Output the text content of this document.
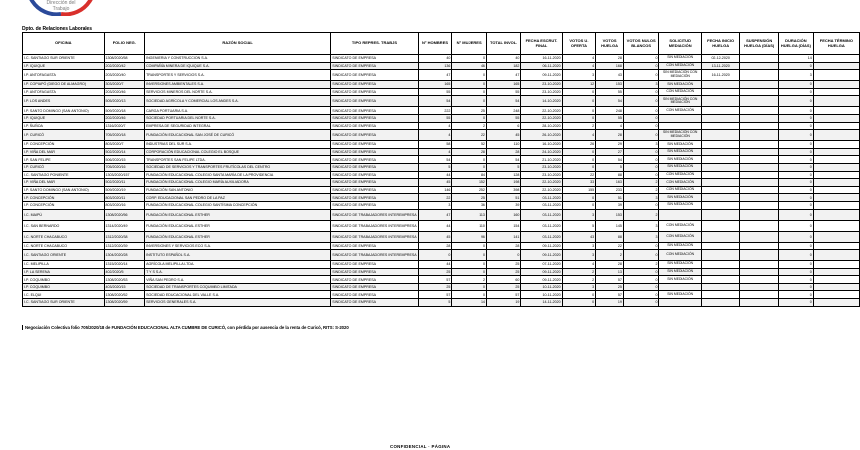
Dirección del
Trabajo
Dpto. de Relaciones Laborales
OFICINA	FOLIO NEG.	RAZÓN SOCIAL	TIPO REPRES. TRABJS	N° HOMBRES	N° MUJERES	TOTAL INVOL.	FECHA ESCRUT. FINAL	VOTOS U. OFERTA	VOTOS HUELGA	VOTOS NULOS BLANCOS	SOLICITUD MEDIACIÓN	FECHA INICIO HUELGA	SUSPENSIÓN HUELGA (DÍAS)	DURACIÓN HUELGA (DÍAS)	FECHA TÉRMINO HUELGA
I.C. SANTIAGO SUR ORIENTE	1308/2020/58	INGENIERIA Y CONSTRUCCION S.A.	SINDICATO DE EMPRESA	40	0	40	16-11-2020	4	28	0	SIN MEDIACIÓN	02-12-2020		14	
I.P. IQUIQUE	202/2020/42	COMPAÑÍA MINERA DE IQUIQUE S.A.	SINDICATO DE EMPRESA	136	46	182	06-11-2020	4	168	0	CON MEDIACIÓN	13-11-2020		0	
I.P. ANTOFAGASTA	203/2020/40	TRANSPORTES Y SERVICIOS S.A.	SINDICATO DE EMPRESA	47	0	47	09-11-2020	3	43	0	SIN MEDIACIÓN CON MEDIACIÓN	16-11-2020		3	
I.P. COPIAPÓ (DIEGO DE ALMAGRO)	303/2020/7	INVERSIONES AMBIENTALES S.A.	SINDICATO DE EMPRESA	165	0	165	23-10-2020	12	153	3	SIN MEDIACIÓN			0	
I.P. ANTOFAGASTA	203/2020/46	SERVICIOS MINEROS DEL NORTE S.A.	SINDICATO DE EMPRESA	55	0	55	23-10-2020	0	55	0	CON MEDIACIÓN			0	
I.P. LOS ANDES	505/2020/13	SOCIEDAD AGRÍCOLA Y COMERCIAL LOS ANDES S.A.	SINDICATO DE EMPRESA	54	0	54	14-10-2020	0	54	0	SIN MEDIACIÓN CON MEDIACIÓN			0	
I.P. SANTO DOMINGO (SAN ANTONIO)	509/2020/18	CARGA PORTUARIA S.A.	SINDICATO DE EMPRESA	222	25	248	22-10-2020	0	248	0	CON MEDIACIÓN			0	
I.P. IQUIQUE	202/2020/46	SOCIEDAD PORTUARIA DEL NORTE S.A.	SINDICATO DE EMPRESA	55	0	55	22-10-2020	0	55	0				0	
I.P. ÑUÑOA	1316/2020/7	EMPRESA DE SEGURIDAD INTEGRAL	SINDICATO DE EMPRESA	4	2	6	28-10-2020	2	4	0				0	
I.P. CURICÓ	705/2020/18	FUNDACIÓN EDUCACIONAL SAN JOSÉ DE CURICÓ	SINDICATO DE EMPRESA	4	22	45	26-10-2020	4	28	0	SIN MEDIACIÓN CON MEDIACIÓN			0	
I.P. CONCEPCIÓN	803/2020/7	INDUSTRIAS DEL SUR S.A.	SINDICATO DE EMPRESA	58	52	110	16-10-2020	26	29	3	SIN MEDIACIÓN			0	
I.P. VIÑA DEL MAR	502/2020/14	CORPORACIÓN EDUCACIONAL COLEGIO EL BOSQUE	SINDICATO DE EMPRESA	4	28	28	24-10-2020	0	27	0	SIN MEDIACIÓN			0	
I.P. SAN FELIPE	506/2020/15	TRANSPORTES SAN FELIPE LTDA.	SINDICATO DE EMPRESA	54	0	54	21-10-2020	0	54	0	SIN MEDIACIÓN			0	
I.P. CURICÓ	705/2020/16	SOCIEDAD DE SERVICIOS Y TRANSPORTES FRUTÍCOLAS DEL CENTRO	SINDICATO DE EMPRESA	5	0	5	23-10-2020	0	5	0	SIN MEDIACIÓN			0	
I.C. SANTIAGO PONIENTE	1303/2020/157	FUNDACIÓN EDUCACIONAL COLEGIO SANTA MARÍA DE LA PROVIDENCIA	SINDICATO DE EMPRESA	44	84	128	23-10-2020	22	88	0	CON MEDIACIÓN			0	
I.P. VIÑA DEL MAR	502/2020/11	FUNDACIÓN EDUCACIONAL COLEGIO MARÍA AUXILIADORA	SINDICATO DE EMPRESA	45	152	198	22-10-2020	33	163	2	CON MEDIACIÓN			0	
I.P. SANTO DOMINGO (SAN ANTONIO)	509/2020/19	FUNDACIÓN SAN ANTONIO	SINDICATO DE EMPRESA	146	252	398	22-10-2020	155	233	2	CON MEDIACIÓN			0	
I.P. CONCEPCIÓN	803/2020/11	CORP. EDUCACIONAL SAN PEDRO DE LA PAZ	SINDICATO DE EMPRESA	22	25	51	03-11-2020	0	51	3	SIN MEDIACIÓN			0	
I.P. CONCEPCIÓN	803/2020/16	FUNDACIÓN EDUCACIONAL COLEGIO SANTÍSIMA CONCEPCIÓN	SINDICATO DE EMPRESA	3	36	39	03-11-2020	0	39	0	SIN MEDIACIÓN			0	
I.C. MAIPÚ	1308/2020/56	FUNDACIÓN EDUCACIONAL ESTHER	SINDICATO DE TRABAJADORES INTEREMPRESA	47	113	160	03-11-2020	3	153	2				0	
I.C. SAN BERNARDO	1314/2020/49	FUNDACIÓN EDUCACIONAL ESTHER	SINDICATO DE TRABAJADORES INTEREMPRESA	44	110	154	03-11-2020	5	145	3	CON MEDIACIÓN			0	
I.C. NORTE CHACABUCO	1312/2020/38	FUNDACIÓN EDUCACIONAL ESTHER	SINDICATO DE TRABAJADORES INTEREMPRESA	45	96	141	03-11-2020	43	88	3	CON MEDIACIÓN			0	
I.C. NORTE CHACABUCO	1312/2020/39	INVERSIONES Y SERVICIOS ECO S.A.	SINDICATO DE EMPRESA	28	0	28	09-11-2020	3	22	0	SIN MEDIACIÓN			0	
I.C. SANTIAGO ORIENTE	1304/2020/28	INSTITUTO ESPAÑOL S.A.	SINDICATO DE TRABAJADORES INTEREMPRESA	0	0	0	09-11-2020	3	2	0	CON MEDIACIÓN			0	
I.C. MELIPILLA	1315/2020/14	AGRÍCOLA MELIPILLA LTDA.	SINDICATO DE EMPRESA	44	0	25	07-11-2020	4	28	2	SIN MEDIACIÓN			0	
I.P. LA SERENA	402/2020/5	T Y S S.A.	SINDICATO DE EMPRESA	25	0	25	09-11-2020	2	13	0	SIN MEDIACIÓN			0	
I.P. COQUIMBO	1308/2020/53	VIÑA SAN PEDRO S.A.	SINDICATO DE EMPRESA	57	2	60	09-11-2020	2	57	0	SIN MEDIACIÓN			0	
I.P. COQUIMBO	403/2020/15	SOCIEDAD DE TRANSPORTES COQUIMBO LIMITADA	SINDICATO DE EMPRESA	25	0	25	10-11-2020	3	25	0				0	
I.C. ELQUI	1308/2020/52	SOCIEDAD EDUCACIONAL DEL VALLE S.A.	SINDICATO DE EMPRESA	57	0	57	10-11-2020	0	57	0	SIN MEDIACIÓN			0	
I.C. SANTIAGO SUR ORIENTE	1308/2020/59	SERVICIOS GENERALES S.A.	SINDICATO DE EMPRESA	5	14	19	14-11-2020	0	19	0				0	
Negociación Colectiva folio 705/2020/18 de FUNDACIÓN EDUCACIONAL ALTA CUMBRE DE CURICÓ, con pérdida por ausencia de la renta de Curicó, RITS: S-2020
CONFIDENCIAL · PÁGINA
